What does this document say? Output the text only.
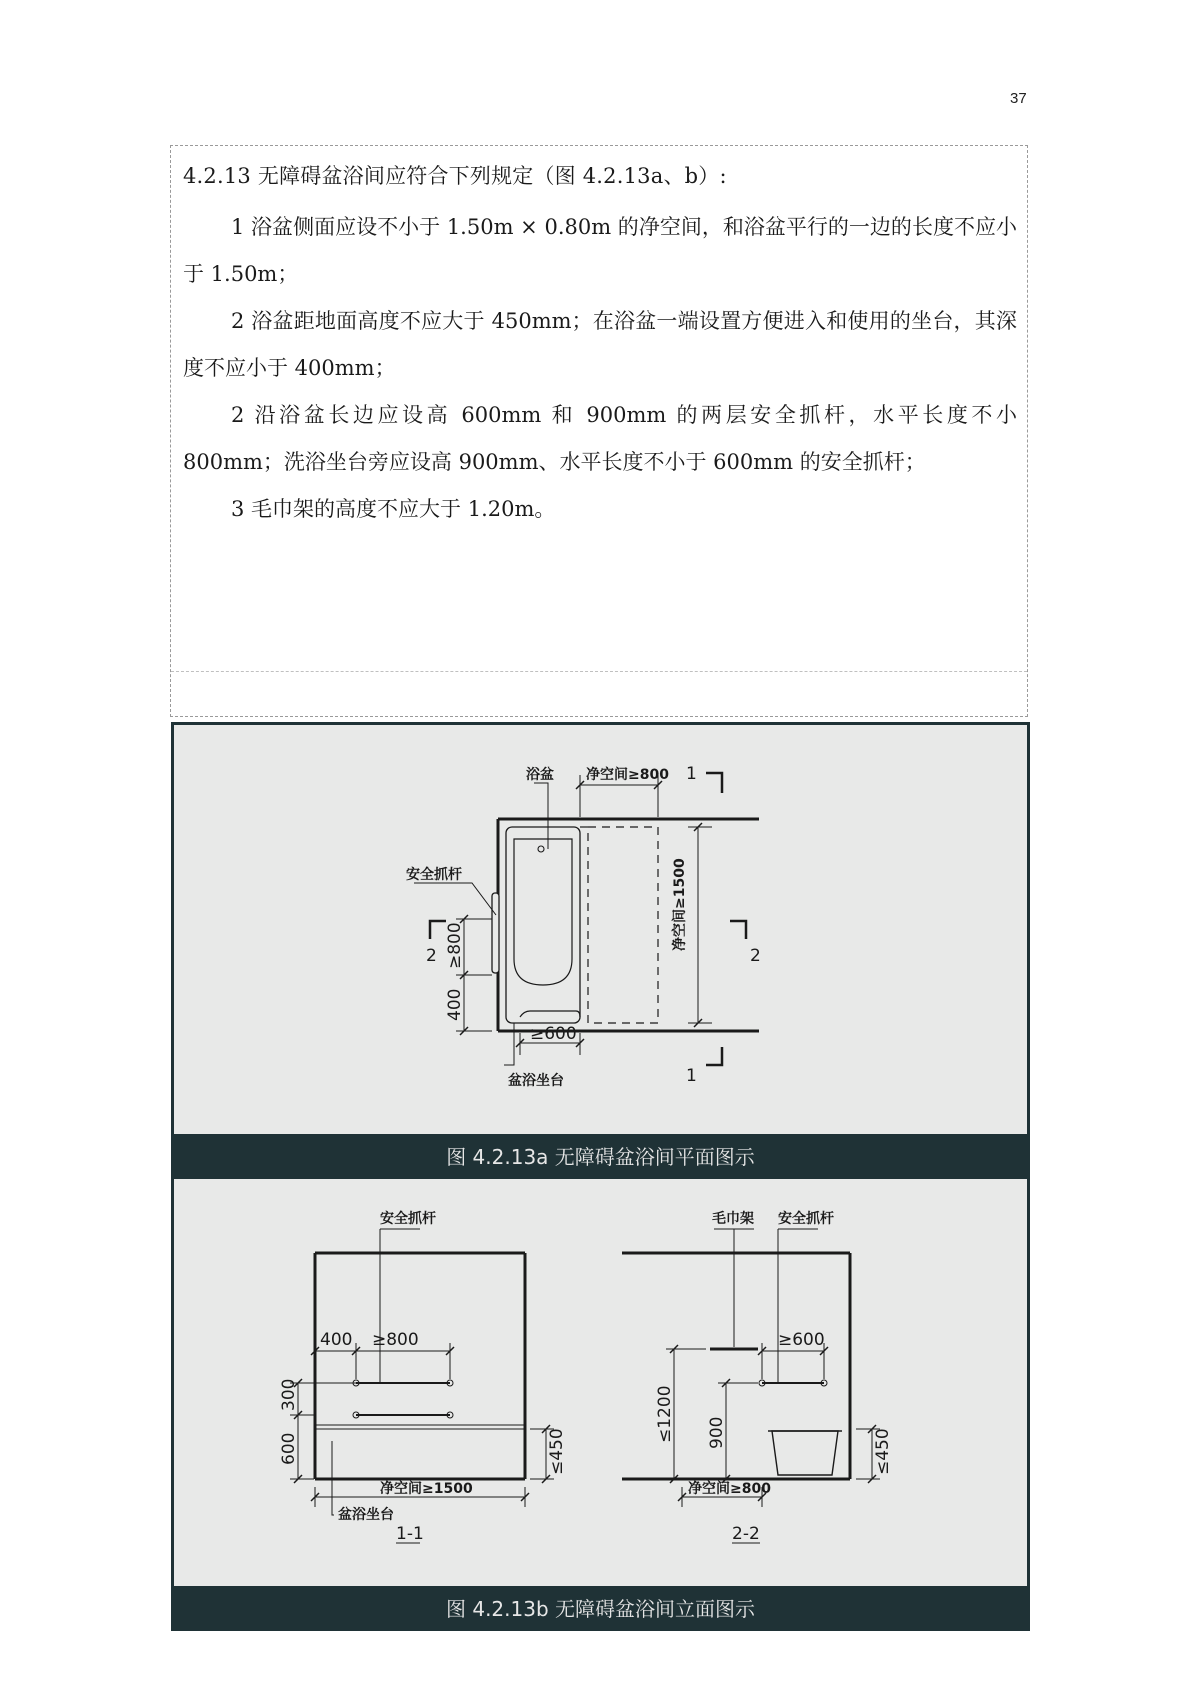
37
4.2.13 无障碍盆浴间应符合下列规定（图 4.2.13a、b）:

1 浴盆侧面应设不小于 1.50m × 0.80m 的净空间，和浴盆平行的一边的长度不应小于 1.50m；

2 浴盆距地面高度不应大于 450mm；在浴盆一端设置方便进入和使用的坐台，其深度不应小于 400mm；

2 沿浴盆长边应设高 600mm 和 900mm 的两层安全抓杆，水平长度不小 800mm；洗浴坐台旁应设高 900mm、水平长度不小于 600mm 的安全抓杆；

3 毛巾架的高度不应大于 1.20m。

浴盆 净空间≥800
安全抓杆	净空间≥1500
≥800
400
≥600
盆浴坐台
1
1
2	2
图 4.2.13a 无障碍盆浴间平面图示
安全抓杆
400 ≥800
300
600	≤450
净空间≥1500
盆浴坐台
1-1
毛巾架 安全抓杆
≥600
≤1200 900	≤450
净空间≥800
2-2
图 4.2.13b 无障碍盆浴间立面图示
